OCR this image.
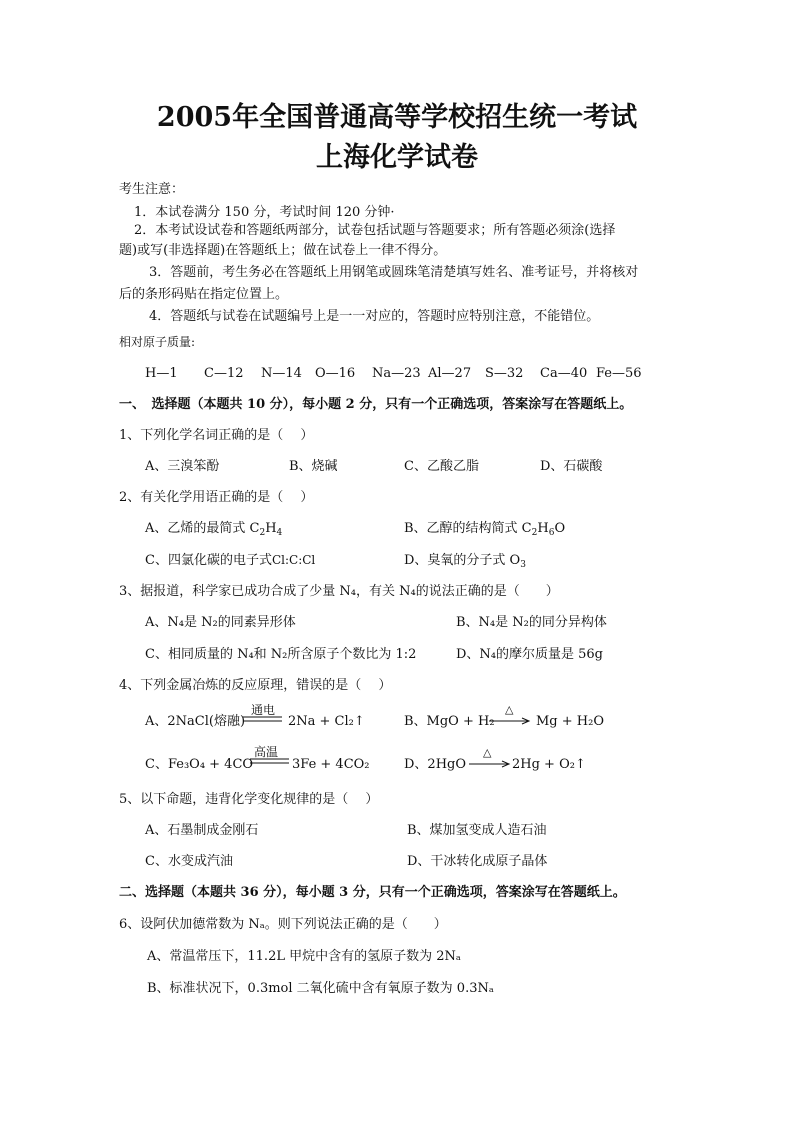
2005年全国普通高等学校招生统一考试
上海化学试卷
考生注意：
1．本试卷满分 150 分，考试时间 120 分钟·
2．本考试设试卷和答题纸两部分，试卷包括试题与答题要求；所有答题必须涂(选择
题)或写(非选择题)在答题纸上；做在试卷上一律不得分。
3．答题前，考生务必在答题纸上用钢笔或圆珠笔清楚填写姓名、准考证号，并将核对
后的条形码贴在指定位置上。
4．答题纸与试卷在试题编号上是一一对应的，答题时应特别注意，不能错位。
相对原子质量:
H—1 C—12 N—14 O—16 Na—23 Al—27 S—32 Ca—40 Fe—56
一、　选择题（本题共 10 分），每小题 2 分，只有一个正确选项，答案涂写在答题纸上。
1、下列化学名词正确的是（　 ）
A、三溴笨酚	B、烧碱	C、乙酸乙脂	D、石碳酸
2、有关化学用语正确的是（　 ）
A、乙烯的最简式 $C_2H_4$	B、乙醇的结构简式 $C_2H_6O$
C、四氯化碳的电子式Cl:C:Cl	D、臭氧的分子式 $O_3$
3、据报道，科学家已成功合成了少量 N₄，有关 N₄的说法正确的是（　　）
A、N₄是 N₂的同素异形体	B、N₄是 N₂的同分异构体
C、相同质量的 N₄和 N₂所含原子个数比为 1:2	D、N₄的摩尔质量是 56g
4、下列金属冶炼的反应原理，错误的是（　 ）
A、2NaCl(熔融)
通电
2Na + Cl₂↑	B、MgO + H₂
△
→ Mg + H₂O
C、Fe₃O₄ + 4CO
高温
3Fe + 4CO₂	D、2HgO
△
→ 2Hg + O₂↑
5、以下命题，违背化学变化规律的是（　 ）
A、石墨制成金刚石	B、煤加氢变成人造石油
C、水变成汽油	D、干冰转化成原子晶体
二、选择题（本题共 36 分），每小题 3 分，只有一个正确选项，答案涂写在答题纸上。
6、设阿伏加德常数为 Nₐ。则下列说法正确的是（　　）
A、常温常压下，11.2L 甲烷中含有的氢原子数为 2Nₐ
B、标准状况下，0.3mol 二氧化硫中含有氧原子数为 0.3Nₐ
